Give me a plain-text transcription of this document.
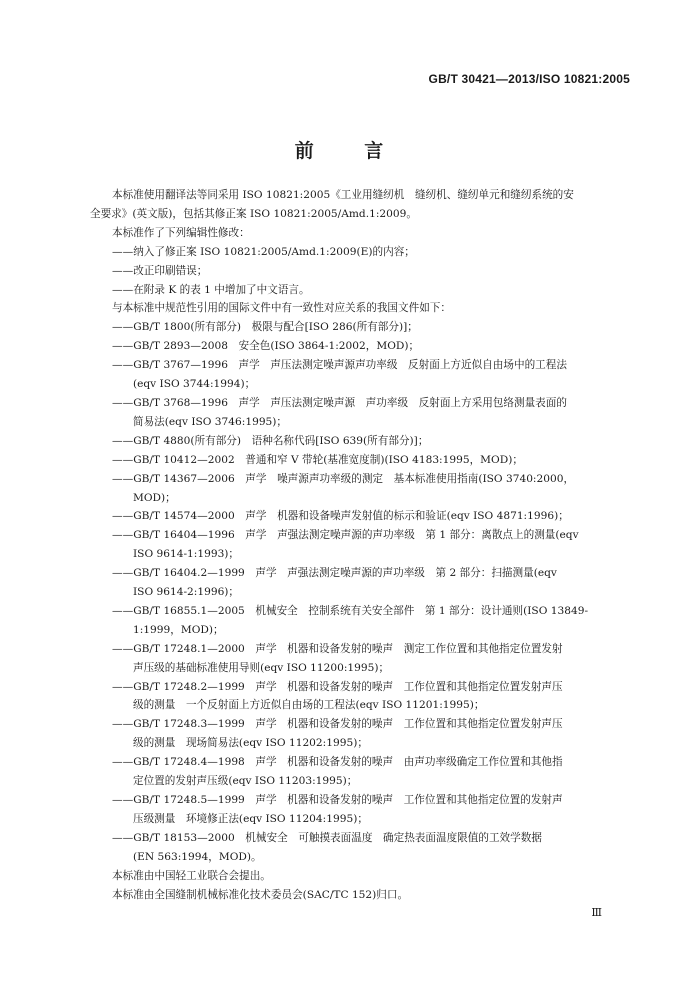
GB/T 30421—2013/ISO 10821:2005
前 言
本标准使用翻译法等同采用 ISO 10821:2005《工业用缝纫机　缝纫机、缝纫单元和缝纫系统的安
全要求》(英文版)，包括其修正案 ISO 10821:2005/Amd.1:2009。
本标准作了下列编辑性修改：
——纳入了修正案 ISO 10821:2005/Amd.1:2009(E)的内容；
——改正印刷错误；
——在附录 K 的表 1 中增加了中文语言。
与本标准中规范性引用的国际文件中有一致性对应关系的我国文件如下：
——GB/T 1800(所有部分)　极限与配合[ISO 286(所有部分)]；
——GB/T 2893—2008　安全色(ISO 3864-1:2002，MOD)；
——GB/T 3767—1996　声学　声压法测定噪声源声功率级　反射面上方近似自由场中的工程法
(eqv ISO 3744:1994)；
——GB/T 3768—1996　声学　声压法测定噪声源　声功率级　反射面上方采用包络测量表面的
简易法(eqv ISO 3746:1995)；
——GB/T 4880(所有部分)　语种名称代码[ISO 639(所有部分)]；
——GB/T 10412—2002　普通和窄 V 带轮(基准宽度制)(ISO 4183:1995，MOD)；
——GB/T 14367—2006　声学　噪声源声功率级的测定　基本标准使用指南(ISO 3740:2000，
MOD)；
——GB/T 14574—2000　声学　机器和设备噪声发射值的标示和验证(eqv ISO 4871:1996)；
——GB/T 16404—1996　声学　声强法测定噪声源的声功率级　第 1 部分：离散点上的测量(eqv
ISO 9614-1:1993)；
——GB/T 16404.2—1999　声学　声强法测定噪声源的声功率级　第 2 部分：扫描测量(eqv
ISO 9614-2:1996)；
——GB/T 16855.1—2005　机械安全　控制系统有关安全部件　第 1 部分：设计通则(ISO 13849-
1:1999，MOD)；
——GB/T 17248.1—2000　声学　机器和设备发射的噪声　测定工作位置和其他指定位置发射
声压级的基础标准使用导则(eqv ISO 11200:1995)；
——GB/T 17248.2—1999　声学　机器和设备发射的噪声　工作位置和其他指定位置发射声压
级的测量　一个反射面上方近似自由场的工程法(eqv ISO 11201:1995)；
——GB/T 17248.3—1999　声学　机器和设备发射的噪声　工作位置和其他指定位置发射声压
级的测量　现场简易法(eqv ISO 11202:1995)；
——GB/T 17248.4—1998　声学　机器和设备发射的噪声　由声功率级确定工作位置和其他指
定位置的发射声压级(eqv ISO 11203:1995)；
——GB/T 17248.5—1999　声学　机器和设备发射的噪声　工作位置和其他指定位置的发射声
压级测量　环境修正法(eqv ISO 11204:1995)；
——GB/T 18153—2000　机械安全　可触摸表面温度　确定热表面温度限值的工效学数据
(EN 563:1994，MOD)。
本标准由中国轻工业联合会提出。
本标准由全国缝制机械标准化技术委员会(SAC/TC 152)归口。
Ⅲ
